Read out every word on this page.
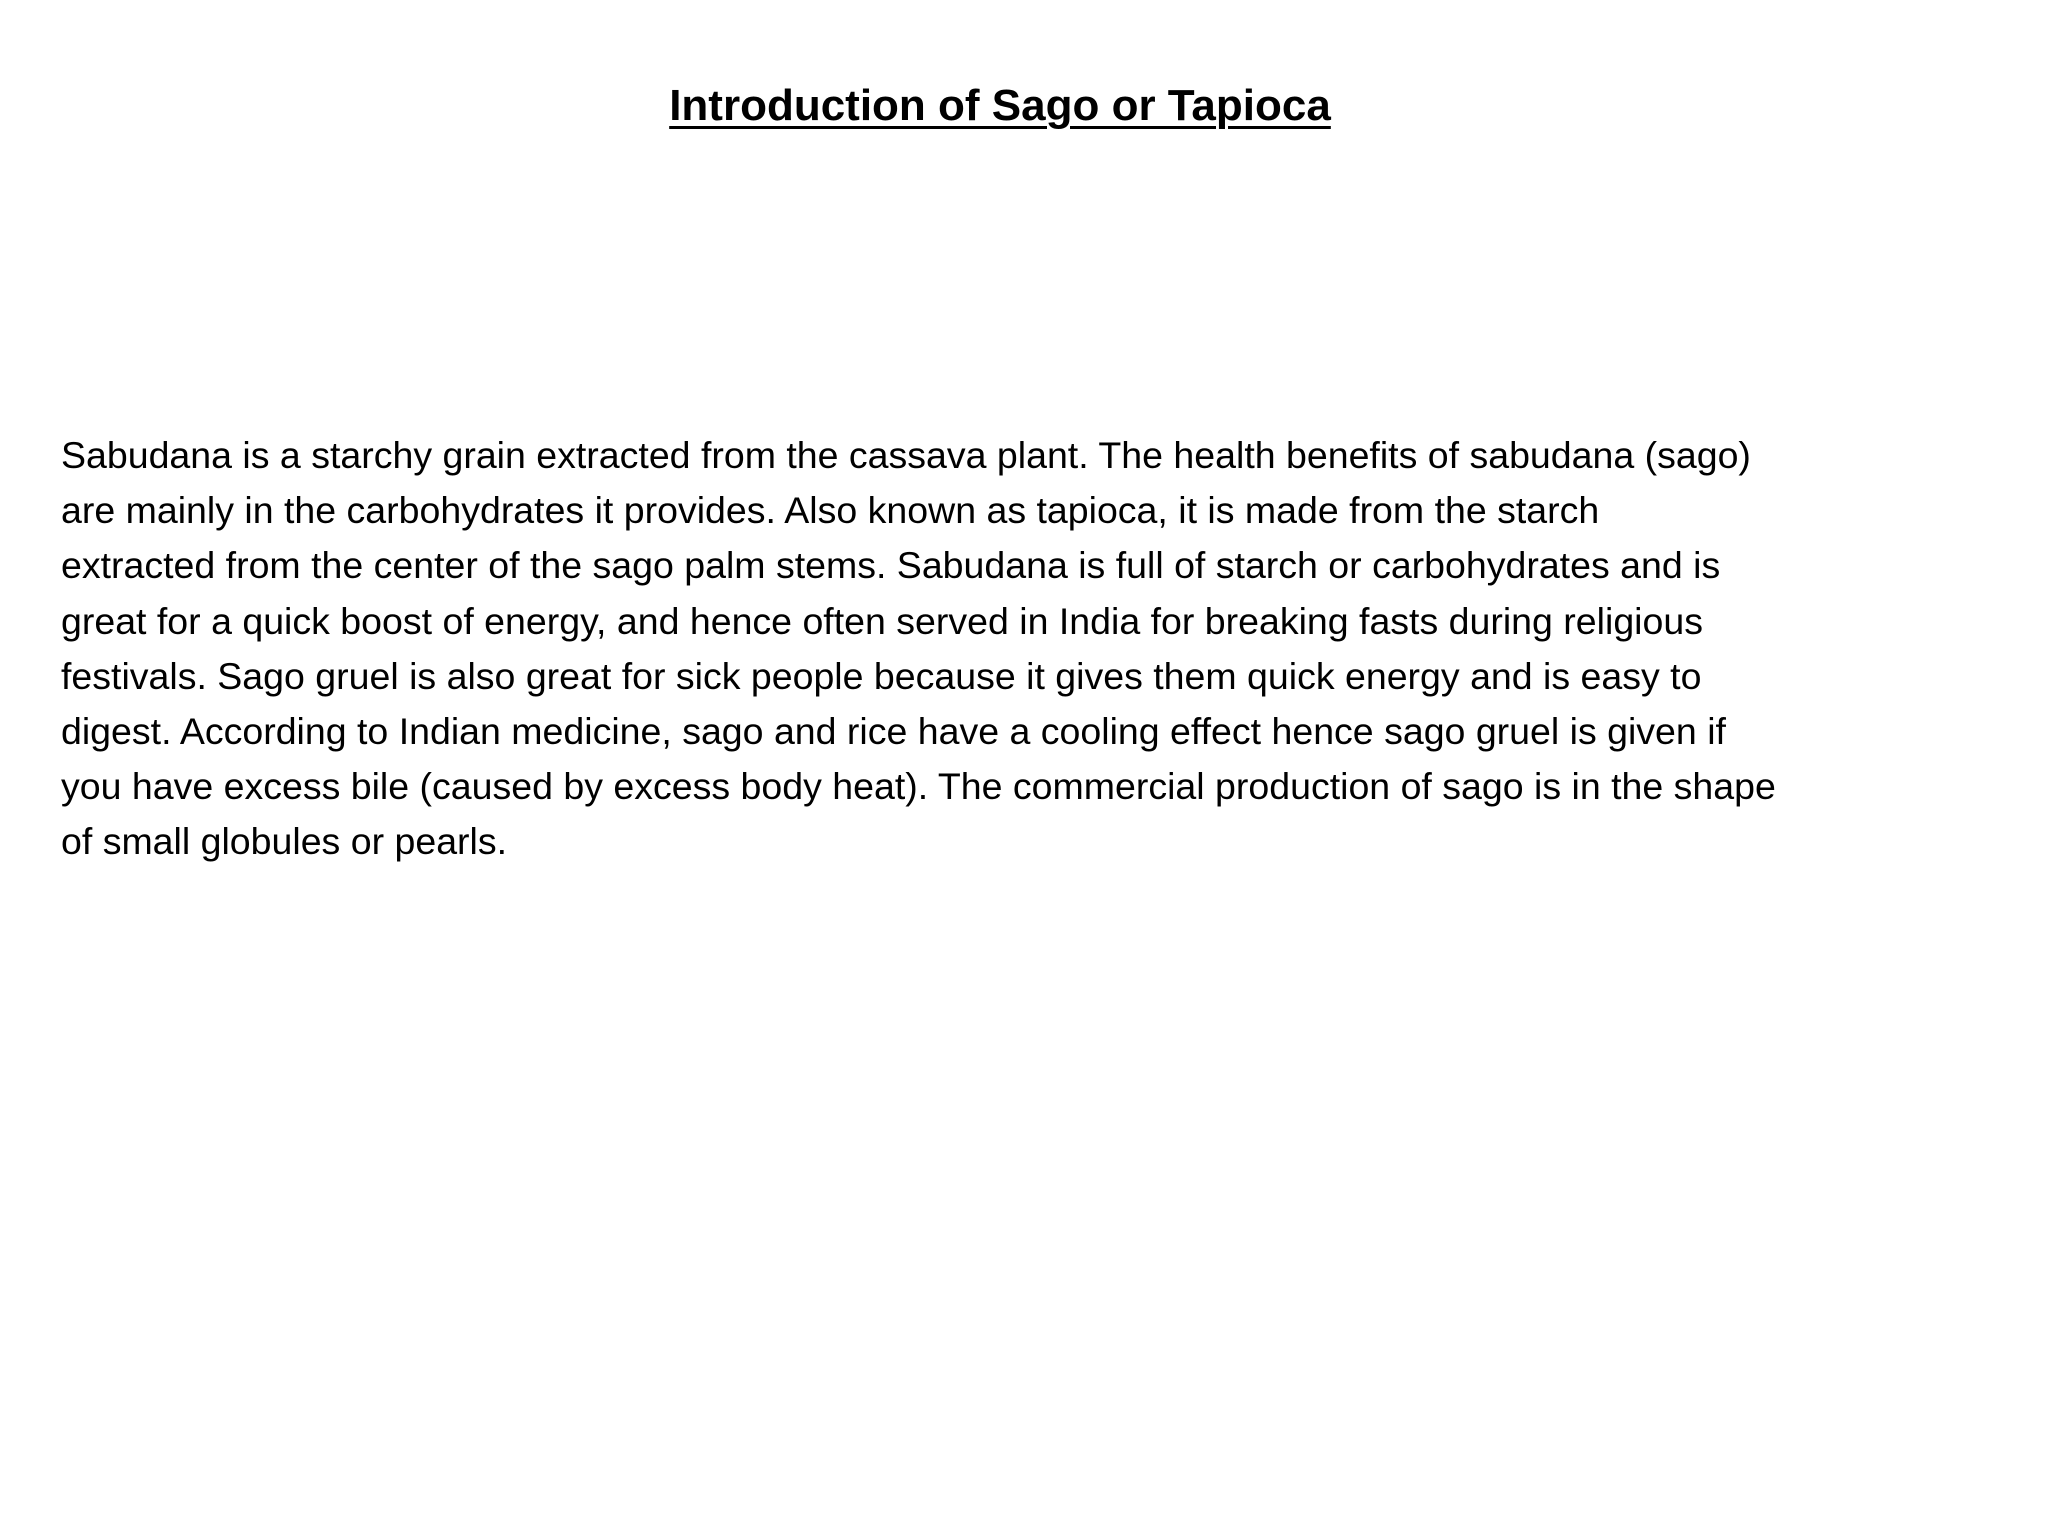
Introduction of Sago or Tapioca

Sabudana is a starchy grain extracted from the cassava plant. The health benefits of sabudana (sago)
are mainly in the carbohydrates it provides. Also known as tapioca, it is made from the starch
extracted from the center of the sago palm stems. Sabudana is full of starch or carbohydrates and is
great for a quick boost of energy, and hence often served in India for breaking fasts during religious
festivals. Sago gruel is also great for sick people because it gives them quick energy and is easy to
digest. According to Indian medicine, sago and rice have a cooling effect hence sago gruel is given if
you have excess bile (caused by excess body heat). The commercial production of sago is in the shape
of small globules or pearls.
